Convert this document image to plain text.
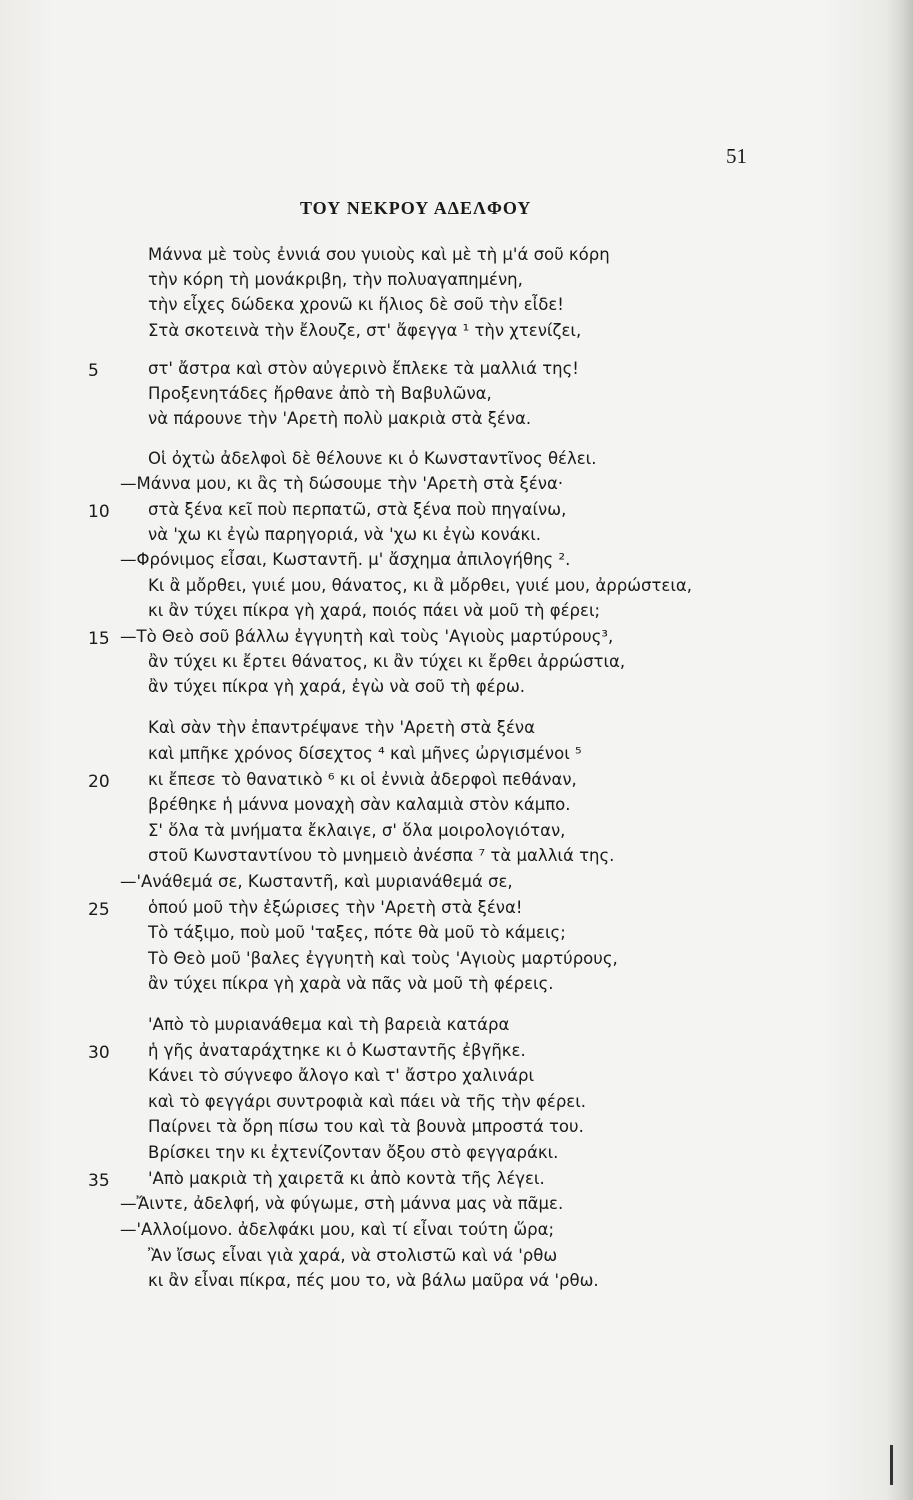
51
ΤΟΥ ΝΕΚΡΟΥ ΑΔΕΛΦΟΥ
Μάννα μὲ τοὺς ἐννιά σου γυιοὺς καὶ μὲ τὴ μ'ά σοῦ κόρη
τὴν κόρη τὴ μονάκριβη, τὴν πολυαγαπημένη,
τὴν εἶχες δώδεκα χρονῶ κι ἥλιος δὲ σοῦ τὴν εἶδε!
Στὰ σκοτεινὰ τὴν ἔλουζε, στ' ἄφεγγα ¹ τὴν χτενίζει,
στ' ἄστρα καὶ στὸν αὐγερινὸ ἔπλεκε τὰ μαλλιά της!
5
Προξενητάδες ἤρθανε ἀπὸ τὴ Βαβυλῶνα,
νὰ πάρουνε τὴν 'Αρετὴ πολὺ μακριὰ στὰ ξένα.
Οἱ ὀχτὼ ἀδελφοὶ δὲ θέλουνε κι ὁ Κωνσταντῖνος θέλει.
—Μάννα μου, κι ἂς τὴ δώσουμε τὴν 'Αρετὴ στὰ ξένα·
στὰ ξένα κεῖ ποὺ περπατῶ, στὰ ξένα ποὺ πηγαίνω,
10
νὰ 'χω κι ἐγὼ παρηγοριά, νὰ 'χω κι ἐγὼ κονάκι.
—Φρόνιμος εἶσαι, Κωσταντῆ. μ' ἄσχημα ἀπιλογήθης ².
Κι ἂ μὄρθει, γυιέ μου, θάνατος, κι ἂ μὄρθει, γυιέ μου, ἀρρώστεια,
κι ἂν τύχει πίκρα γὴ χαρά, ποιός πάει νὰ μοῦ τὴ φέρει;
—Τὸ Θεὸ σοῦ βάλλω ἐγγυητὴ καὶ τοὺς 'Αγιοὺς μαρτύρους³,
15
ἂν τύχει κι ἔρτει θάνατος, κι ἂν τύχει κι ἔρθει ἀρρώστια,
ἂν τύχει πίκρα γὴ χαρά, ἐγὼ νὰ σοῦ τὴ φέρω.
Καὶ σὰν τὴν ἐπαντρέψανε τὴν 'Αρετὴ στὰ ξένα
καὶ μπῆκε χρόνος δίσεχτος ⁴ καὶ μῆνες ὠργισμένοι ⁵
κι ἔπεσε τὸ θανατικὸ ⁶ κι οἱ ἐννιὰ ἀδερφοὶ πεθάναν,
20
βρέθηκε ἡ μάννα μοναχὴ σὰν καλαμιὰ στὸν κάμπο.
Σ' ὅλα τὰ μνήματα ἔκλαιγε, σ' ὅλα μοιρολογιόταν,
στοῦ Κωνσταντίνου τὸ μνημειὸ ἀνέσπα ⁷ τὰ μαλλιά της.
—'Ανάθεμά σε, Κωσταντῆ, καὶ μυριανάθεμά σε,
ὁπού μοῦ τὴν ἐξώρισες τὴν 'Αρετὴ στὰ ξένα!
25
Τὸ τάξιμο, ποὺ μοῦ 'ταξες, πότε θὰ μοῦ τὸ κάμεις;
Τὸ Θεὸ μοῦ 'βαλες ἐγγυητὴ καὶ τοὺς 'Αγιοὺς μαρτύρους,
ἂν τύχει πίκρα γὴ χαρὰ νὰ πᾶς νὰ μοῦ τὴ φέρεις.
'Απὸ τὸ μυριανάθεμα καὶ τὴ βαρειὰ κατάρα
ἡ γῆς ἀναταράχτηκε κι ὁ Κωσταντῆς ἐβγῆκε.
30
Κάνει τὸ σύγνεφο ἄλογο καὶ τ' ἄστρο χαλινάρι
καὶ τὸ φεγγάρι συντροφιὰ καὶ πάει νὰ τῆς τὴν φέρει.
Παίρνει τὰ ὄρη πίσω του καὶ τὰ βουνὰ μπροστά του.
Βρίσκει την κι ἐχτενίζονταν ὄξου στὸ φεγγαράκι.
'Απὸ μακριὰ τὴ χαιρετᾶ κι ἀπὸ κοντὰ τῆς λέγει.
35
—Ἄιντε, ἀδελφή, νὰ φύγωμε, στὴ μάννα μας νὰ πᾶμε.
—'Αλλοίμονο. ἀδελφάκι μου, καὶ τί εἶναι τούτη ὥρα;
Ἂν ἴσως εἶναι γιὰ χαρά, νὰ στολιστῶ καὶ νά 'ρθω
κι ἂν εἶναι πίκρα, πές μου το, νὰ βάλω μαῦρα νά 'ρθω.
